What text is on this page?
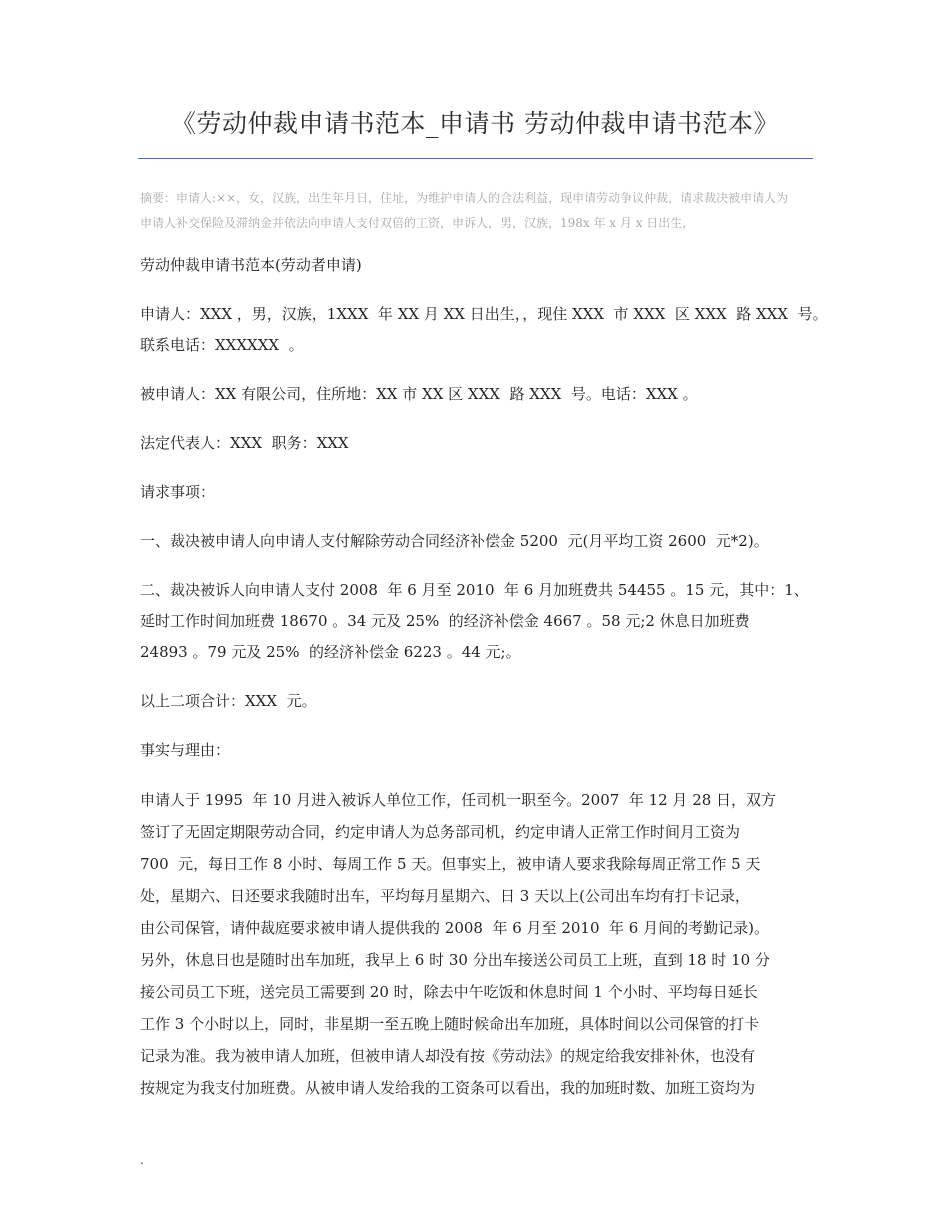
《劳动仲裁申请书范本_申请书 劳动仲裁申请书范本》
摘要：申请人:××，女，汉族，出生年月日，住址，为维护申请人的合法利益，现申请劳动争议仲裁，请求裁决被申请人为
申请人补交保险及滞纳金并依法向申请人支付双倍的工资，申诉人，男，汉族，198x 年 x 月 x 日出生，
劳动仲裁申请书范本(劳动者申请)
申请人：XXX ，男，汉族，1XXX  年 XX 月 XX 日出生，，现住 XXX  市 XXX  区 XXX  路 XXX  号。
联系电话：XXXXXX  。
被申请人：XX 有限公司，住所地：XX 市 XX 区 XXX  路 XXX  号。电话：XXX 。
法定代表人：XXX  职务：XXX
请求事项：
一、裁决被申请人向申请人支付解除劳动合同经济补偿金 5200  元(月平均工资 2600  元*2)。
二、裁决被诉人向申请人支付 2008  年 6 月至 2010  年 6 月加班费共 54455 。15 元，其中：1、
延时工作时间加班费 18670 。34 元及 25%  的经济补偿金 4667 。58 元;2 休息日加班费
24893 。79 元及 25%  的经济补偿金 6223 。44 元;。
以上二项合计：XXX  元。
事实与理由：
申请人于 1995  年 10 月进入被诉人单位工作，任司机一职至今。2007  年 12 月 28 日，双方
签订了无固定期限劳动合同，约定申请人为总务部司机，约定申请人正常工作时间月工资为
700  元，每日工作 8 小时、每周工作 5 天。但事实上，被申请人要求我除每周正常工作 5 天
处，星期六、日还要求我随时出车，平均每月星期六、日 3 天以上(公司出车均有打卡记录，
由公司保管，请仲裁庭要求被申请人提供我的 2008  年 6 月至 2010  年 6 月间的考勤记录)。
另外，休息日也是随时出车加班，我早上 6 时 30 分出车接送公司员工上班，直到 18 时 10 分
接公司员工下班，送完员工需要到 20 时，除去中午吃饭和休息时间 1 个小时、平均每日延长
工作 3 个小时以上，同时，非星期一至五晚上随时候命出车加班，具体时间以公司保管的打卡
记录为准。我为被申请人加班，但被申请人却没有按《劳动法》的规定给我安排补休，也没有
按规定为我支付加班费。从被申请人发给我的工资条可以看出，我的加班时数、加班工资均为
.
